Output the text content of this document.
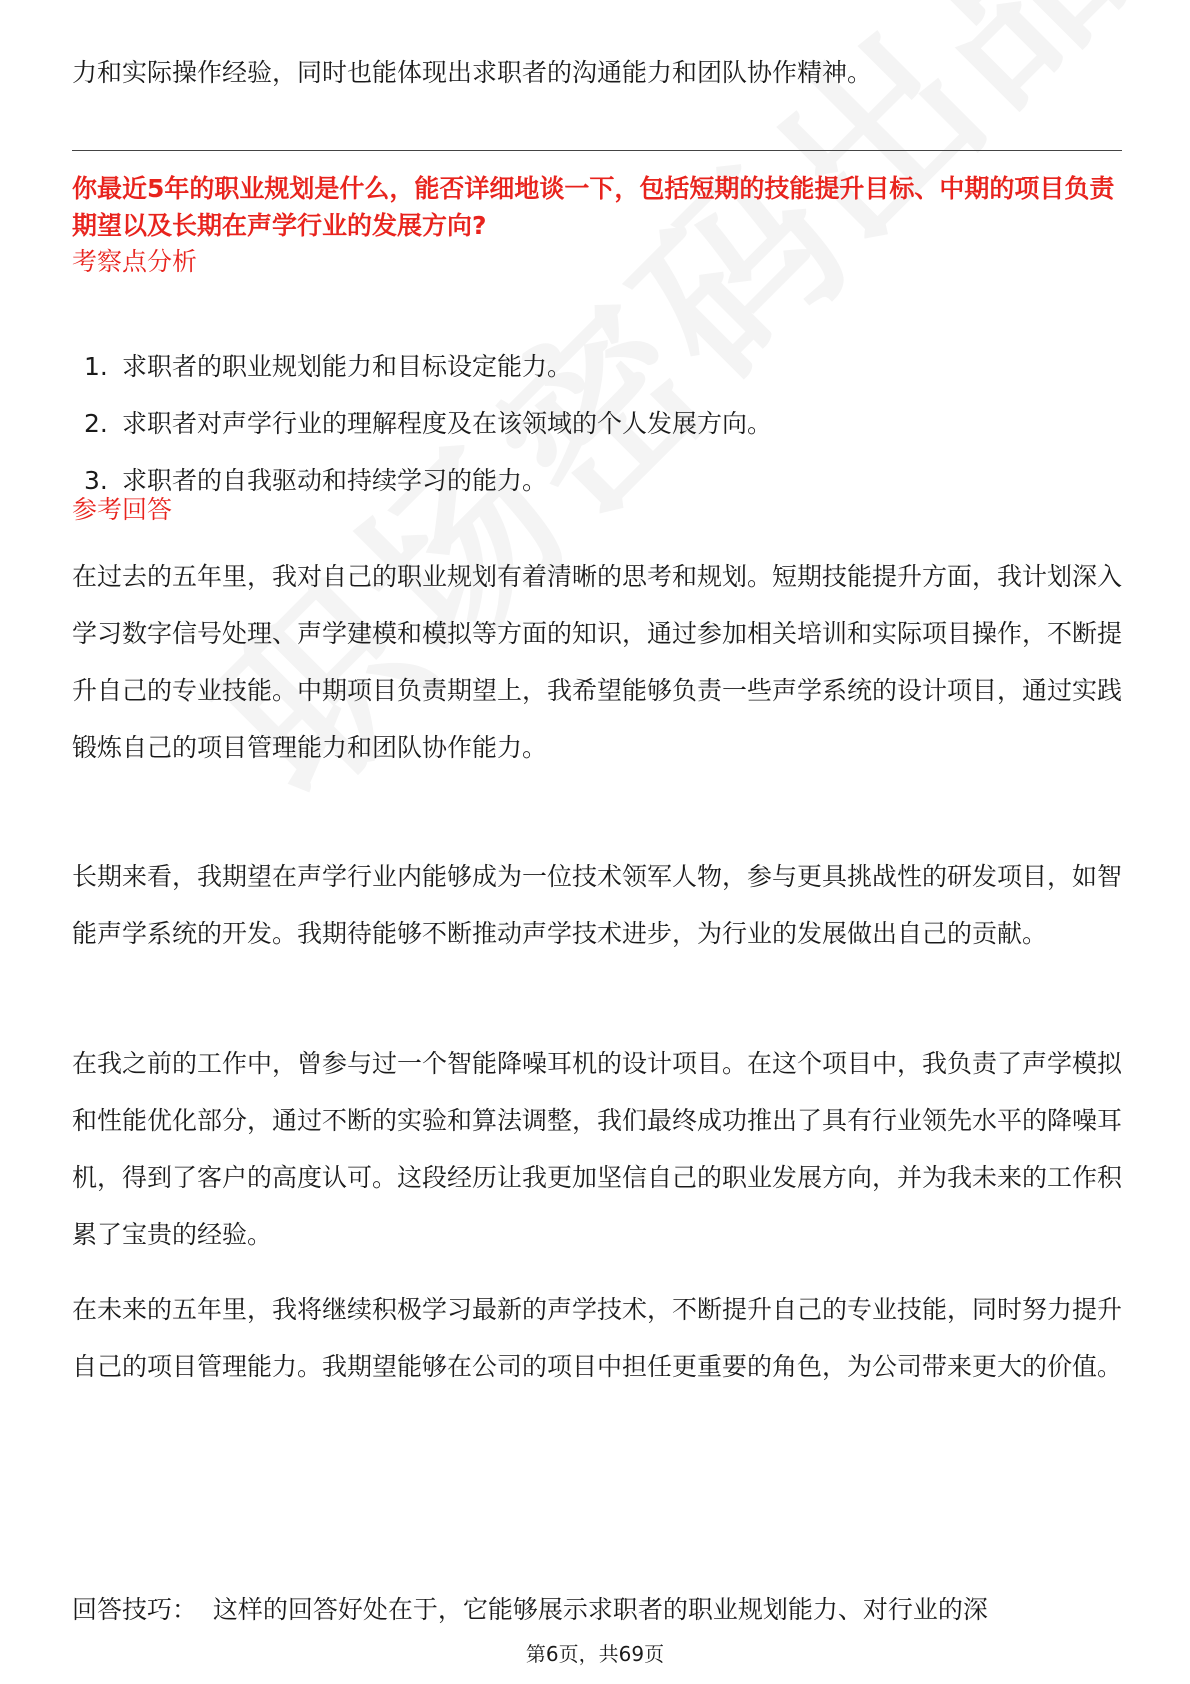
力和实际操作经验，同时也能体现出求职者的沟通能力和团队协作精神。
你最近5年的职业规划是什么，能否详细地谈一下，包括短期的技能提升目标、中期的项目负责期望以及长期在声学行业的发展方向?
考察点分析
1. 求职者的职业规划能力和目标设定能力。
2. 求职者对声学行业的理解程度及在该领域的个人发展方向。
3. 求职者的自我驱动和持续学习的能力。
参考回答

在过去的五年里，我对自己的职业规划有着清晰的思考和规划。短期技能提升方面，我计划深入学习数字信号处理、声学建模和模拟等方面的知识，通过参加相关培训和实际项目操作，不断提升自己的专业技能。中期项目负责期望上，我希望能够负责一些声学系统的设计项目，通过实践锻炼自己的项目管理能力和团队协作能力。

长期来看，我期望在声学行业内能够成为一位技术领军人物，参与更具挑战性的研发项目，如智能声学系统的开发。我期待能够不断推动声学技术进步，为行业的发展做出自己的贡献。

在我之前的工作中，曾参与过一个智能降噪耳机的设计项目。在这个项目中，我负责了声学模拟和性能优化部分，通过不断的实验和算法调整，我们最终成功推出了具有行业领先水平的降噪耳机，得到了客户的高度认可。这段经历让我更加坚信自己的职业发展方向，并为我未来的工作积累了宝贵的经验。

在未来的五年里，我将继续积极学习最新的声学技术，不断提升自己的专业技能，同时努力提升自己的项目管理能力。我期望能够在公司的项目中担任更重要的角色，为公司带来更大的价值。

回答技巧： 这样的回答好处在于，它能够展示求职者的职业规划能力、对行业的深
第6页，共69页
